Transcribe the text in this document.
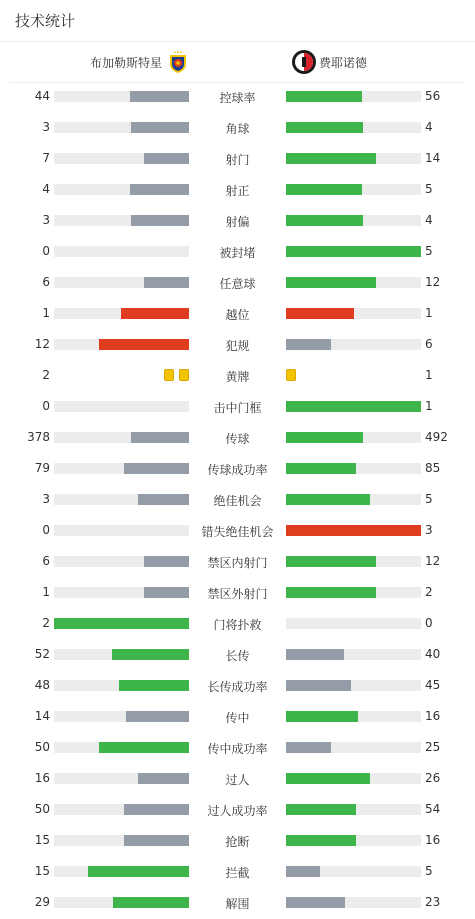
技术统计
布加勒斯特星	费耶诺德
44	控球率	56
3	角球	4
7	射门	14
4	射正	5
3	射偏	4
0	被封堵	5
6	任意球	12
1	越位	1
12	犯规	6
2	黄牌	1
0	击中门框	1
378	传球	492
79	传球成功率	85
3	绝佳机会	5
0	错失绝佳机会	3
6	禁区内射门	12
1	禁区外射门	2
2	门将扑救	0
52	长传	40
48	长传成功率	45
14	传中	16
50	传中成功率	25
16	过人	26
50	过人成功率	54
15	抢断	16
15	拦截	5
29	解围	23
